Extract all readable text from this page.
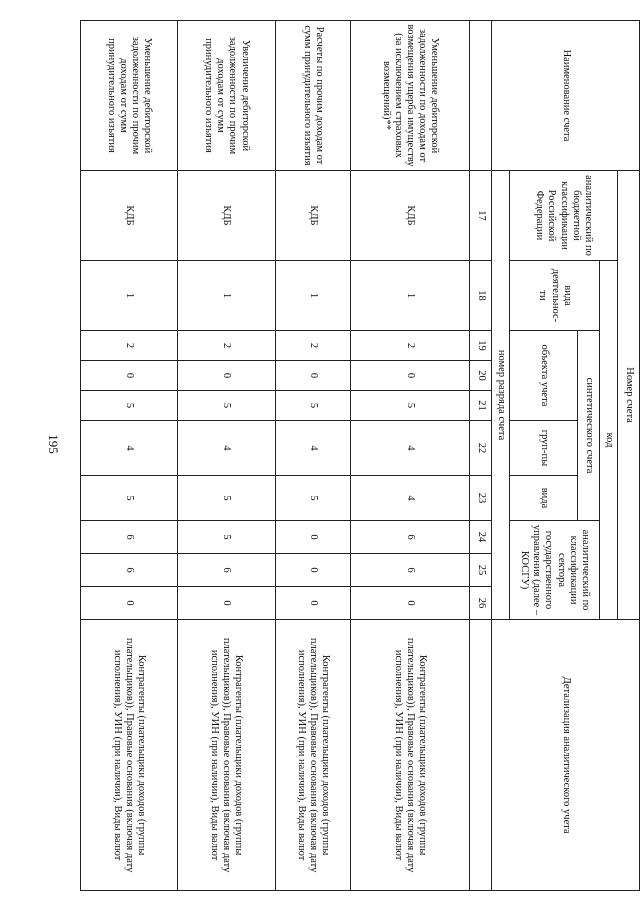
195
Наименование счета	Номер счета										Детализация аналитического учета
	аналитический по бюджетной классификации Российской Федерации	код									
		вида деятельнос-ти	синтетического счета					аналитический по классификации сектора государственного управления (далее – КОСГУ)			
			объекта учета			груп-пы	вида				
	номер разряда счета										
	17	18	19	20	21	22	23	24	25	26	
Уменьшение дебиторской задолженности по доходам от возмещения ущерба имуществу (за исключением страховых возмещений)**	КДБ	1	2	0	5	4	4	6	6	0	Контрагенты (плательщики доходов (группы плательщиков)), Правовые основания (включая дату исполнения), УИН (при наличии), Виды валют
Расчеты по прочим доходам от сумм принудительного изъятия	КДБ	1	2	0	5	4	5	0	0	0	Контрагенты (плательщики доходов (группы плательщиков)), Правовые основания (включая дату исполнения), УИН (при наличии), Виды валют
Увеличение дебиторской задолженности по прочим доходам от сумм принудительного изъятия	КДБ	1	2	0	5	4	5	5	6	0	Контрагенты (плательщики доходов (группы плательщиков)), Правовые основания (включая дату исполнения), УИН (при наличии), Виды валют
Уменьшение дебиторской задолженности по прочим доходам от сумм принудительного изъятия	КДБ	1	2	0	5	4	5	6	6	0	Контрагенты (плательщики доходов (группы плательщиков)), Правовые основания (включая дату исполнения), УИН (при наличии), Виды валют
